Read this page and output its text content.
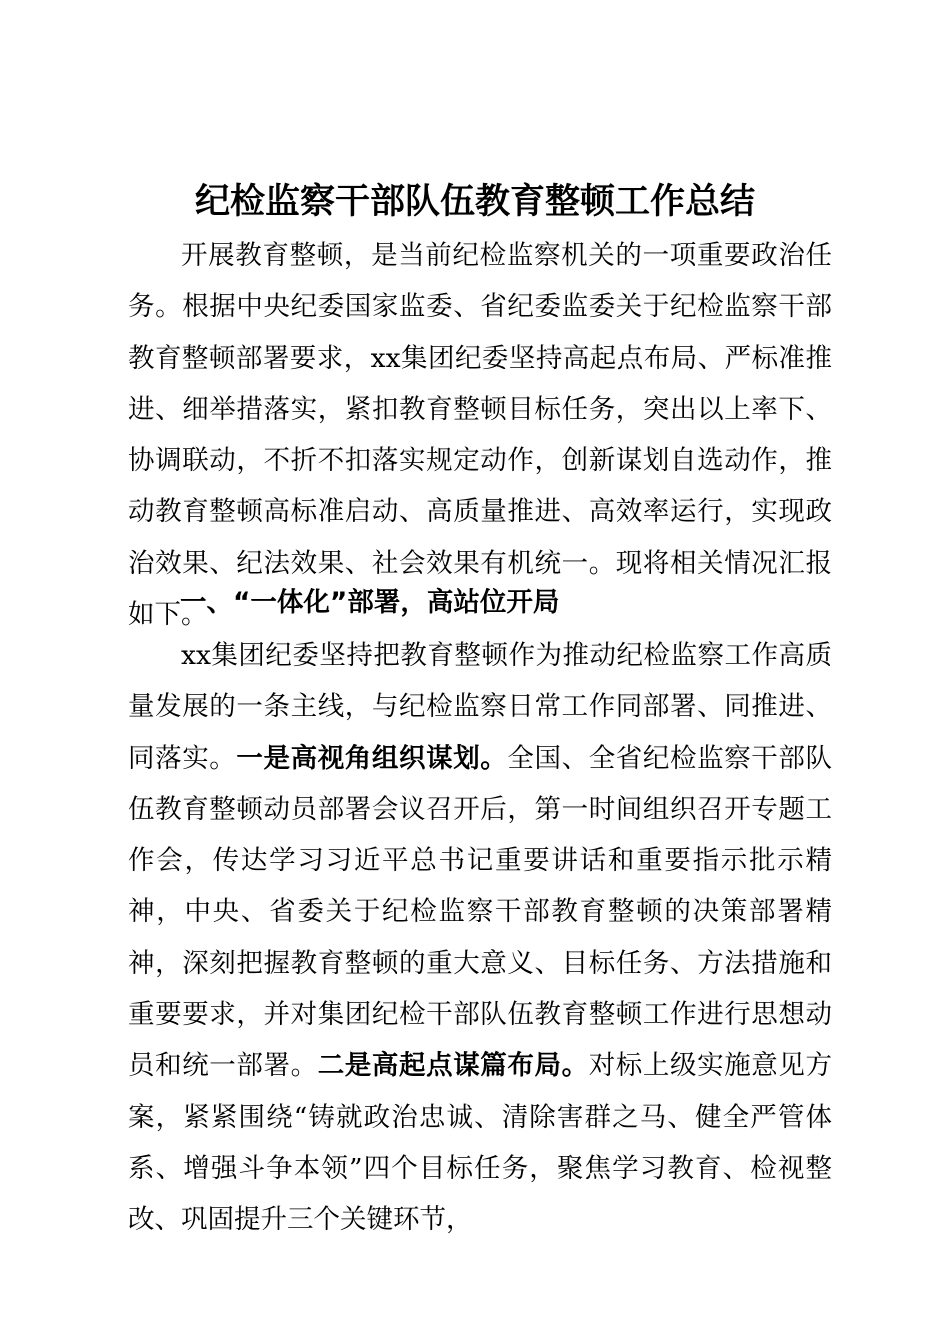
纪检监察干部队伍教育整顿工作总结

开展教育整顿，是当前纪检监察机关的一项重要政治任务。根据中央纪委国家监委、省纪委监委关于纪检监察干部教育整顿部署要求，xx集团纪委坚持高起点布局、严标准推进、细举措落实，紧扣教育整顿目标任务，突出以上率下、协调联动，不折不扣落实规定动作，创新谋划自选动作，推动教育整顿高标准启动、高质量推进、高效率运行，实现政治效果、纪法效果、社会效果有机统一。现将相关情况汇报如下。

一、“一体化”部署，高站位开局

xx集团纪委坚持把教育整顿作为推动纪检监察工作高质量发展的一条主线，与纪检监察日常工作同部署、同推进、同落实。一是高视角组织谋划。全国、全省纪检监察干部队伍教育整顿动员部署会议召开后，第一时间组织召开专题工作会，传达学习习近平总书记重要讲话和重要指示批示精神，中央、省委关于纪检监察干部教育整顿的决策部署精神，深刻把握教育整顿的重大意义、目标任务、方法措施和重要要求，并对集团纪检干部队伍教育整顿工作进行思想动员和统一部署。二是高起点谋篇布局。对标上级实施意见方案，紧紧围绕“铸就政治忠诚、清除害群之马、健全严管体系、增强斗争本领”四个目标任务，聚焦学习教育、检视整改、巩固提升三个关键环节，
